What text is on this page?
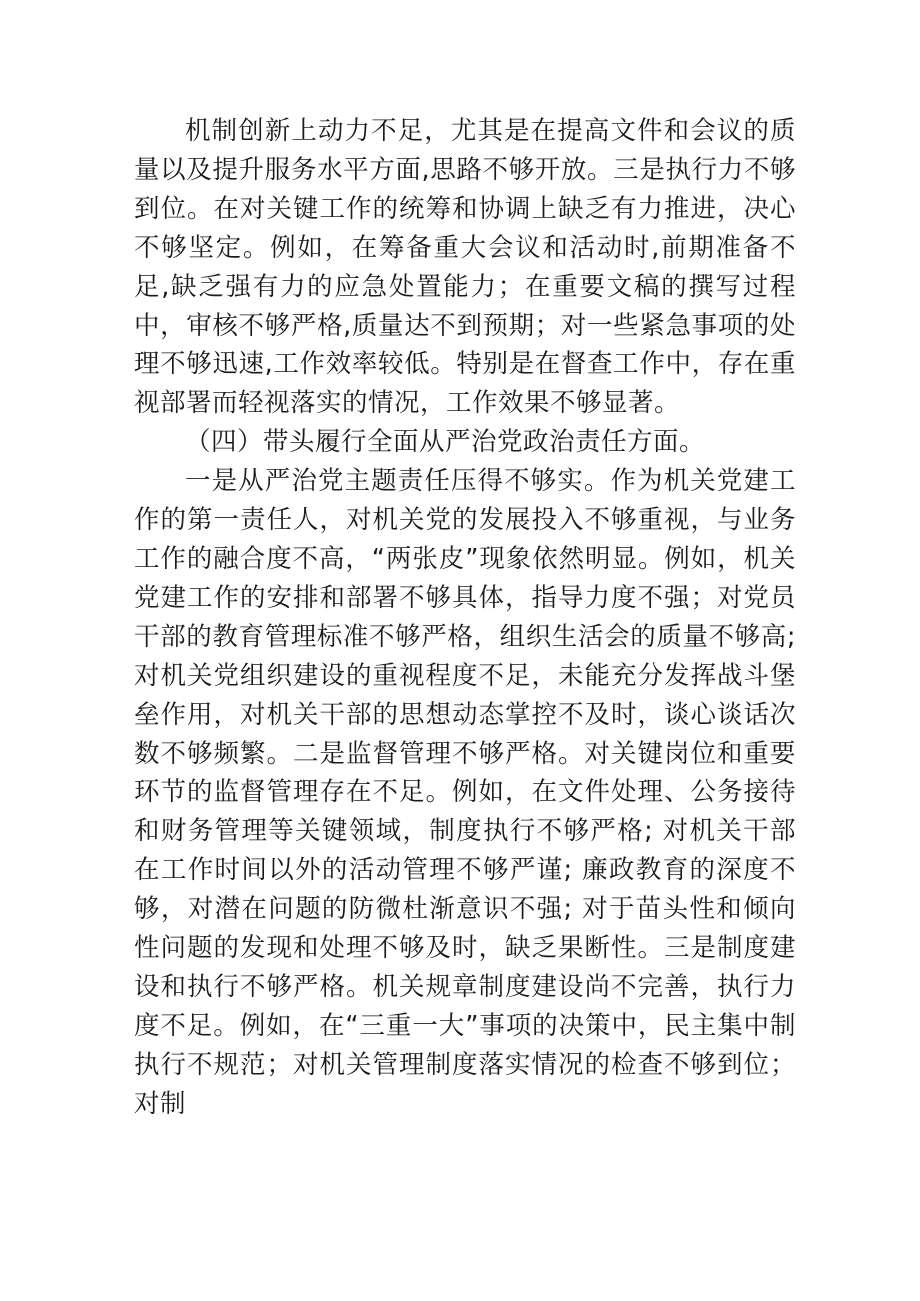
机制创新上动力不足，尤其是在提高文件和会议的质量以及提升服务水平方面,思路不够开放。三是执行力不够到位。在对关键工作的统筹和协调上缺乏有力推进，决心不够坚定。例如，在筹备重大会议和活动时,前期准备不足,缺乏强有力的应急处置能力；在重要文稿的撰写过程中，审核不够严格,质量达不到预期；对一些紧急事项的处理不够迅速,工作效率较低。特别是在督查工作中，存在重视部署而轻视落实的情况，工作效果不够显著。

（四）带头履行全面从严治党政治责任方面。

一是从严治党主题责任压得不够实。作为机关党建工作的第一责任人，对机关党的发展投入不够重视，与业务工作的融合度不高，“两张皮”现象依然明显。例如，机关党建工作的安排和部署不够具体，指导力度不强；对党员干部的教育管理标准不够严格，组织生活会的质量不够高; 对机关党组织建设的重视程度不足，未能充分发挥战斗堡垒作用，对机关干部的思想动态掌控不及时，谈心谈话次数不够频繁。二是监督管理不够严格。对关键岗位和重要环节的监督管理存在不足。例如，在文件处理、公务接待和财务管理等关键领域，制度执行不够严格; 对机关干部在工作时间以外的活动管理不够严谨; 廉政教育的深度不够，对潜在问题的防微杜渐意识不强; 对于苗头性和倾向性问题的发现和处理不够及时，缺乏果断性。三是制度建设和执行不够严格。机关规章制度建设尚不完善，执行力度不足。例如，在“三重一大”事项的决策中，民主集中制执行不规范；对机关管理制度落实情况的检查不够到位；对制
